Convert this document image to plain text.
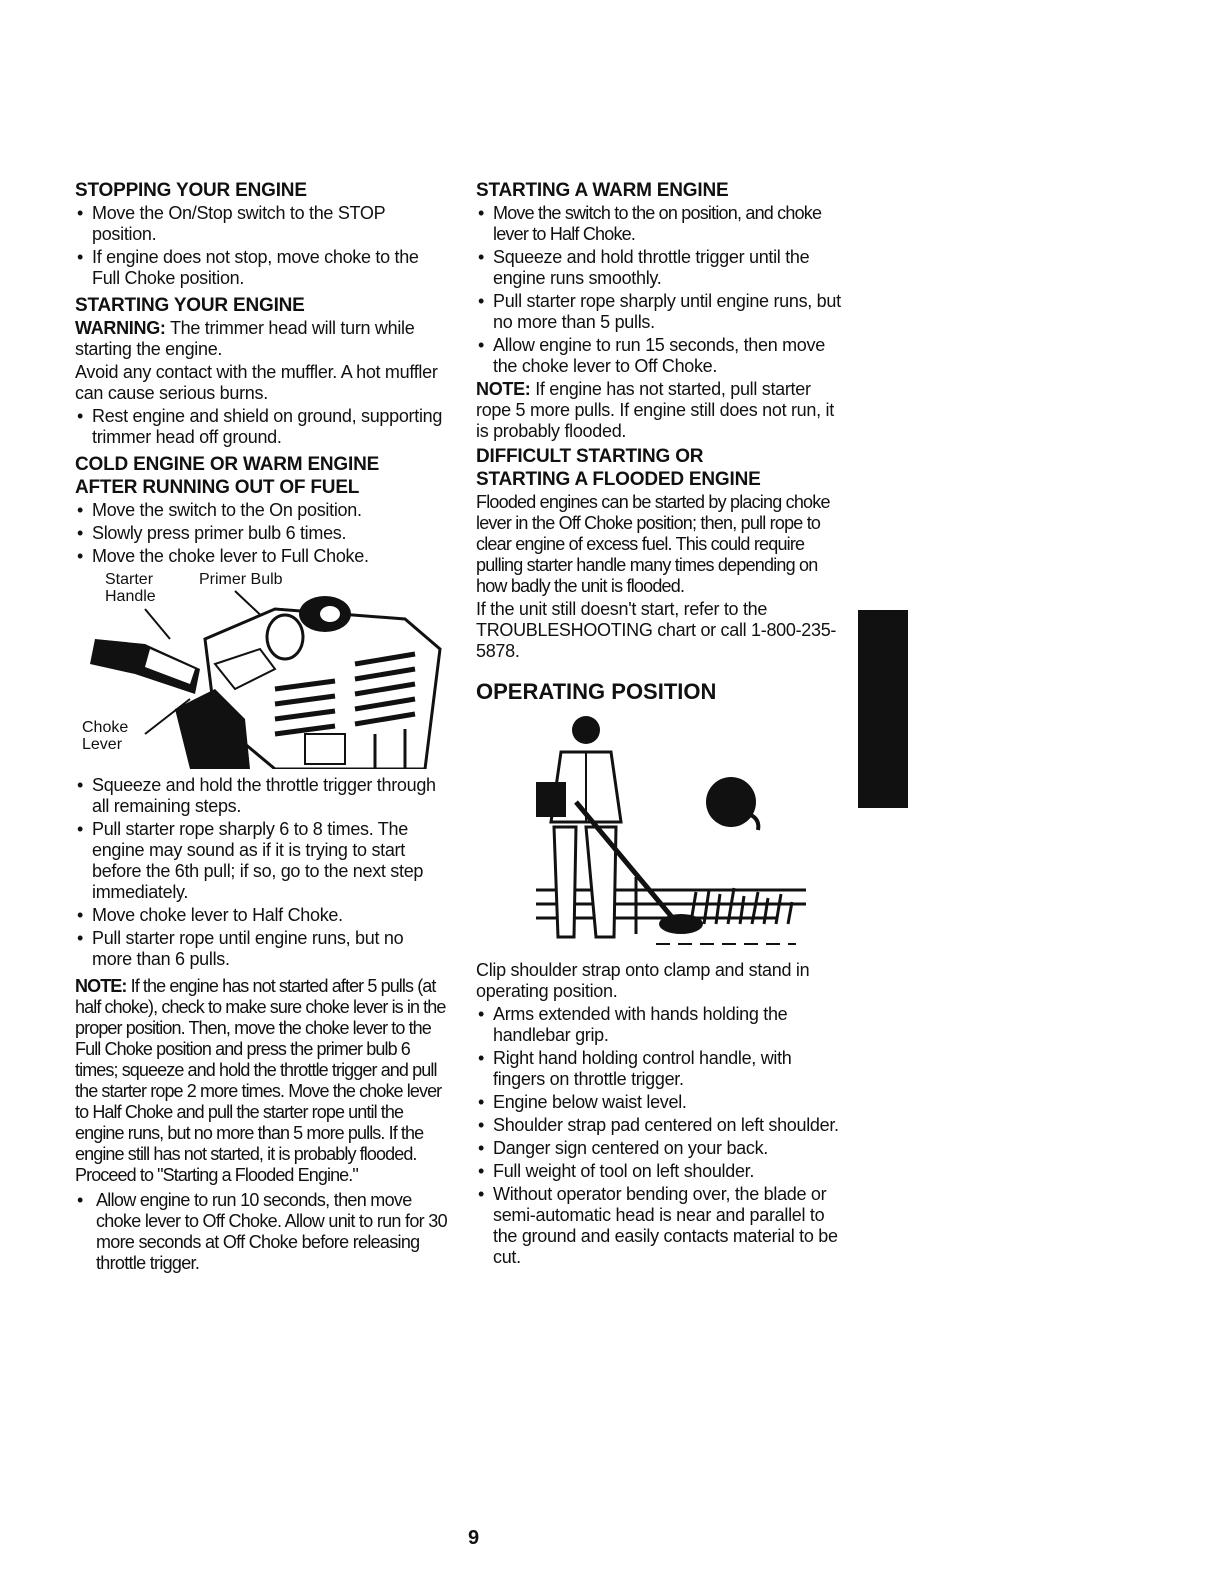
STOPPING YOUR ENGINE
• Move the On/Stop switch to the STOP position.
• If engine does not stop, move choke to the Full Choke position.
STARTING YOUR ENGINE

WARNING: The trimmer head will turn while starting the engine.

Avoid any contact with the muffler. A hot muffler can cause serious burns.

• Rest engine and shield on ground, supporting trimmer head off ground.
COLD ENGINE OR WARM ENGINE
AFTER RUNNING OUT OF FUEL
• Move the switch to the On position.
• Slowly press primer bulb 6 times.
• Move the choke lever to Full Choke.
Starter Handle
Primer Bulb
Choke Lever
• Squeeze and hold the throttle trigger through all remaining steps.
• Pull starter rope sharply 6 to 8 times. The engine may sound as if it is trying to start before the 6th pull; if so, go to the next step immediately.
• Move choke lever to Half Choke.
• Pull starter rope until engine runs, but no more than 6 pulls.

NOTE: If the engine has not started after 5 pulls (at half choke), check to make sure choke lever is in the proper position. Then, move the choke lever to the Full Choke position and press the primer bulb 6 times; squeeze and hold the throttle trigger and pull the starter rope 2 more times. Move the choke lever to Half Choke and pull the starter rope until the engine runs, but no more than 5 more pulls. If the engine still has not started, it is probably flooded. Proceed to "Starting a Flooded Engine."

• Allow engine to run 10 seconds, then move choke lever to Off Choke. Allow unit to run for 30 more seconds at Off Choke before releasing throttle trigger.
STARTING A WARM ENGINE
• Move the switch to the on position, and choke lever to Half Choke.
• Squeeze and hold throttle trigger until the engine runs smoothly.
• Pull starter rope sharply until engine runs, but no more than 5 pulls.
• Allow engine to run 15 seconds, then move the choke lever to Off Choke.

NOTE: If engine has not started, pull starter rope 5 more pulls. If engine still does not run, it is probably flooded.

DIFFICULT STARTING OR
STARTING A FLOODED ENGINE

Flooded engines can be started by placing choke lever in the Off Choke position; then, pull rope to clear engine of excess fuel. This could require pulling starter handle many times depending on how badly the unit is flooded.

If the unit still doesn't start, refer to the TROUBLESHOOTING chart or call 1-800-235-5878.

OPERATING POSITION

Clip shoulder strap onto clamp and stand in operating position.

• Arms extended with hands holding the handlebar grip.
• Right hand holding control handle, with fingers on throttle trigger.
• Engine below waist level.
• Shoulder strap pad centered on left shoulder.
• Danger sign centered on your back.
• Full weight of tool on left shoulder.
• Without operator bending over, the blade or semi-automatic head is near and parallel to the ground and easily contacts material to be cut.
9
